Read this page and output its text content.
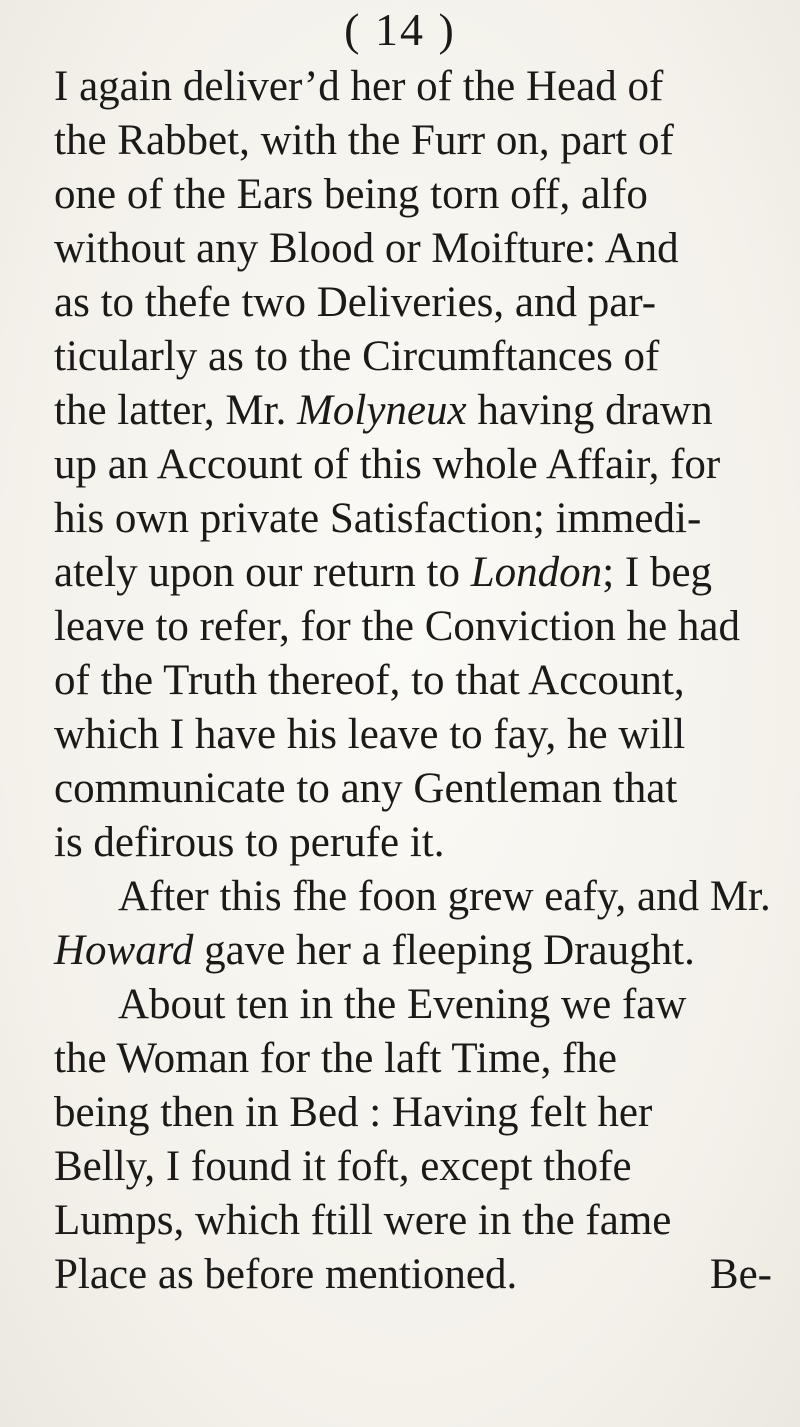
( 14 )
I again deliver’d her of the Head of
the Rabbet, with the Furr on, part of
one of the Ears being torn off, alfo
without any Blood or Moifture: And
as to thefe two Deliveries, and par-
ticularly as to the Circumftances of
the latter, Mr. Molyneux having drawn
up an Account of this whole Affair, for
his own private Satisfaction; immedi-
ately upon our return to London; I beg
leave to refer, for the Conviction he had
of the Truth thereof, to that Account,
which I have his leave to fay, he will
communicate to any Gentleman that
is defirous to perufe it.
After this fhe foon grew eafy, and Mr.
Howard gave her a fleeping Draught.
About ten in the Evening we faw
the Woman for the laft Time, fhe
being then in Bed : Having felt her
Belly, I found it foft, except thofe
Lumps, which ftill were in the fame
Place as before mentioned.	Be-
